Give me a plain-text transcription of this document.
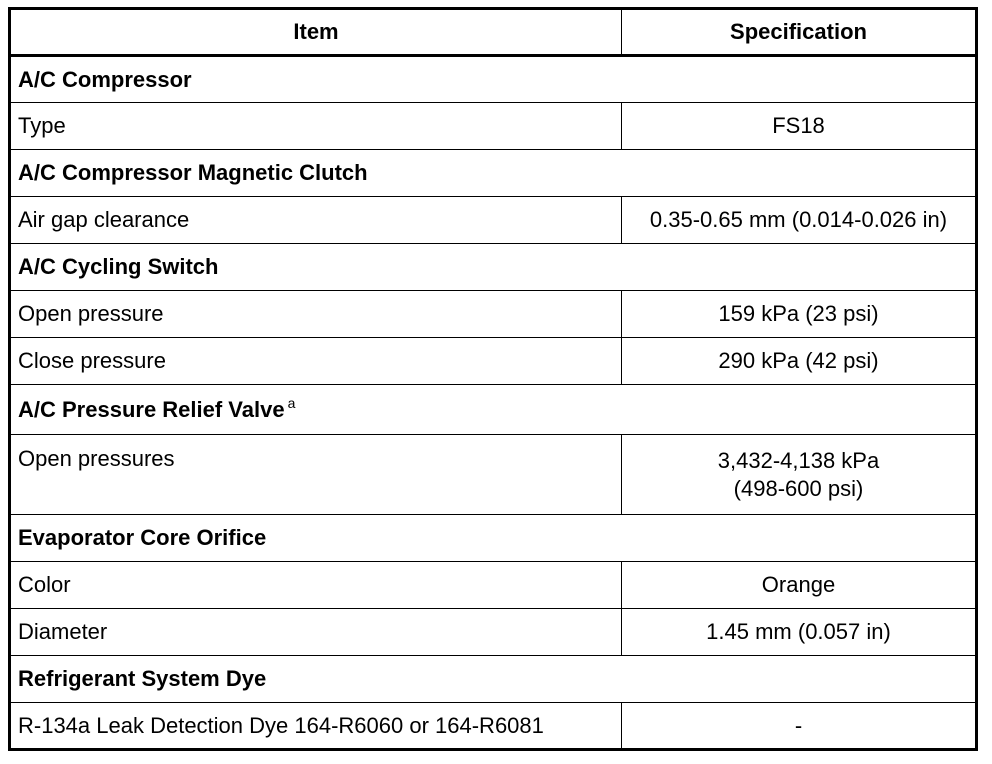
Item	Specification
A/C Compressor	
Type	FS18
A/C Compressor Magnetic Clutch	
Air gap clearance	0.35-0.65 mm (0.014-0.026 in)
A/C Cycling Switch	
Open pressure	159 kPa (23 psi)
Close pressure	290 kPa (42 psi)
A/C Pressure Relief Valve $^a$
Open pressures	3,432-4,138 kPa
(498-600 psi)

Evaporator Core Orifice	
Color	Orange
Diameter	1.45 mm (0.057 in)
Refrigerant System Dye	
R-134a Leak Detection Dye 164-R6060 or 164-R6081	-
